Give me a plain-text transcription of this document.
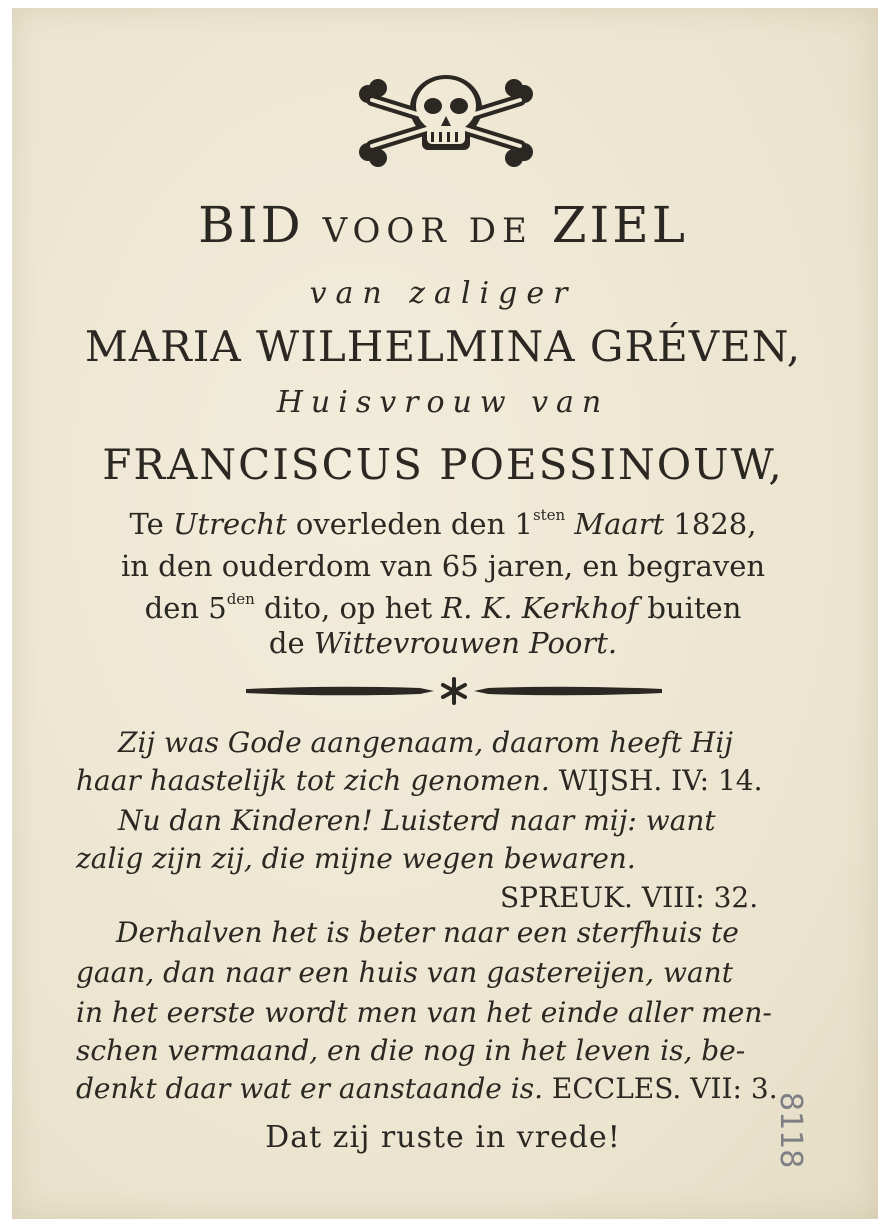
BID VOOR DE ZIEL
van zaliger
MARIA WILHELMINA GRÉVEN,
Huisvrouw van
FRANCISCUS POESSINOUW,
Te Utrecht overleden den $1^{sten}$ Maart 1828,
in den ouderdom van 65 jaren, en begraven
den $5^{den}$ dito, op het R. K. Kerkhof buiten
de Wittevrouwen Poort.
Zij was Gode aangenaam, daarom heeft Hij
haar haastelijk tot zich genomen. WIJSH. IV: 14.
Nu dan Kinderen! Luisterd naar mij: want
zalig zijn zij, die mijne wegen bewaren.
SPREUK. VIII: 32.
Derhalven het is beter naar een sterfhuis te
gaan, dan naar een huis van gastereijen, want
in het eerste wordt men van het einde aller men-
schen vermaand, en die nog in het leven is, be-
denkt daar wat er aanstaande is. ECCLES. VII: 3.
Dat zij ruste in vrede!	8118
